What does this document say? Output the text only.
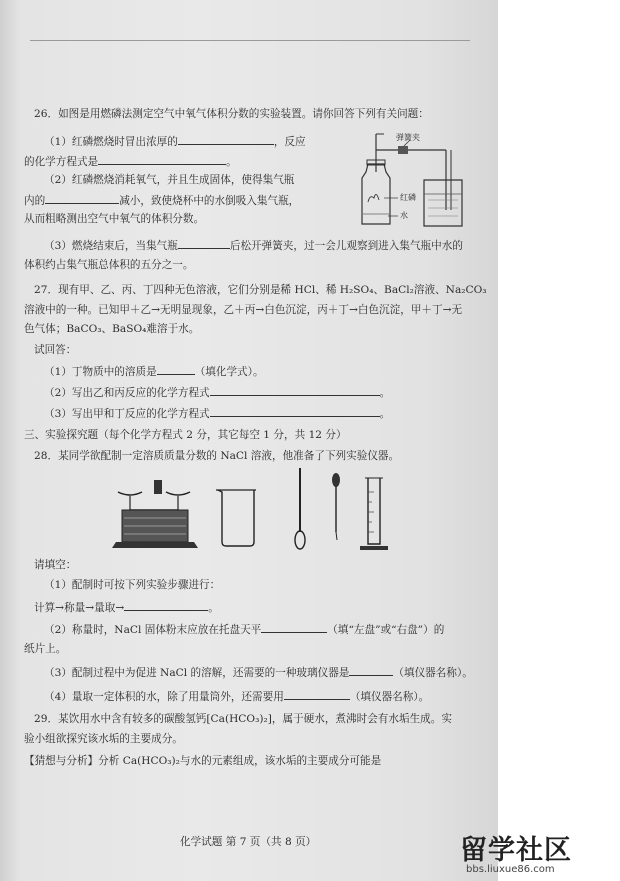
26．如图是用燃磷法测定空气中氧气体积分数的实验装置。请你回答下列有关问题：
（1）红磷燃烧时冒出浓厚的	，反应
的化学方程式是	。
（2）红磷燃烧消耗氧气，并且生成固体，使得集气瓶
内的	减小，致使烧杯中的水倒吸入集气瓶，
从而粗略测出空气中氧气的体积分数。
（3）燃烧结束后，当集气瓶	后松开弹簧夹，过一会儿观察到进入集气瓶中水的
体积约占集气瓶总体积的五分之一。
弹簧夹
红磷
水
27．现有甲、乙、丙、丁四种无色溶液，它们分别是稀 HCl、稀 H₂SO₄、BaCl₂溶液、Na₂CO₃
溶液中的一种。已知甲＋乙→无明显现象，乙＋丙→白色沉淀，丙＋丁→白色沉淀，甲＋丁→无
色气体；BaCO₃、BaSO₄难溶于水。
试回答：
（1）丁物质中的溶质是	（填化学式）。
（2）写出乙和丙反应的化学方程式	。
（3）写出甲和丁反应的化学方程式	。
三、实验探究题（每个化学方程式 2 分，其它每空 1 分，共 12 分）
28．某同学欲配制一定溶质质量分数的 NaCl 溶液，他准备了下列实验仪器。
请填空：
（1）配制时可按下列实验步骤进行：
计算→称量→量取→	。
（2）称量时，NaCl 固体粉末应放在托盘天平	（填“左盘”或“右盘”）的
纸片上。
（3）配制过程中为促进 NaCl 的溶解，还需要的一种玻璃仪器是	（填仪器名称）。
（4）量取一定体积的水，除了用量筒外，还需要用	（填仪器名称）。
29．某饮用水中含有较多的碳酸氢钙[Ca(HCO₃)₂]，属于硬水，煮沸时会有水垢生成。实
验小组欲探究该水垢的主要成分。
【猜想与分析】分析 Ca(HCO₃)₂与水的元素组成，该水垢的主要成分可能是
化学试题 第 7 页（共 8 页）	留学社区
bbs.liuxue86.com
